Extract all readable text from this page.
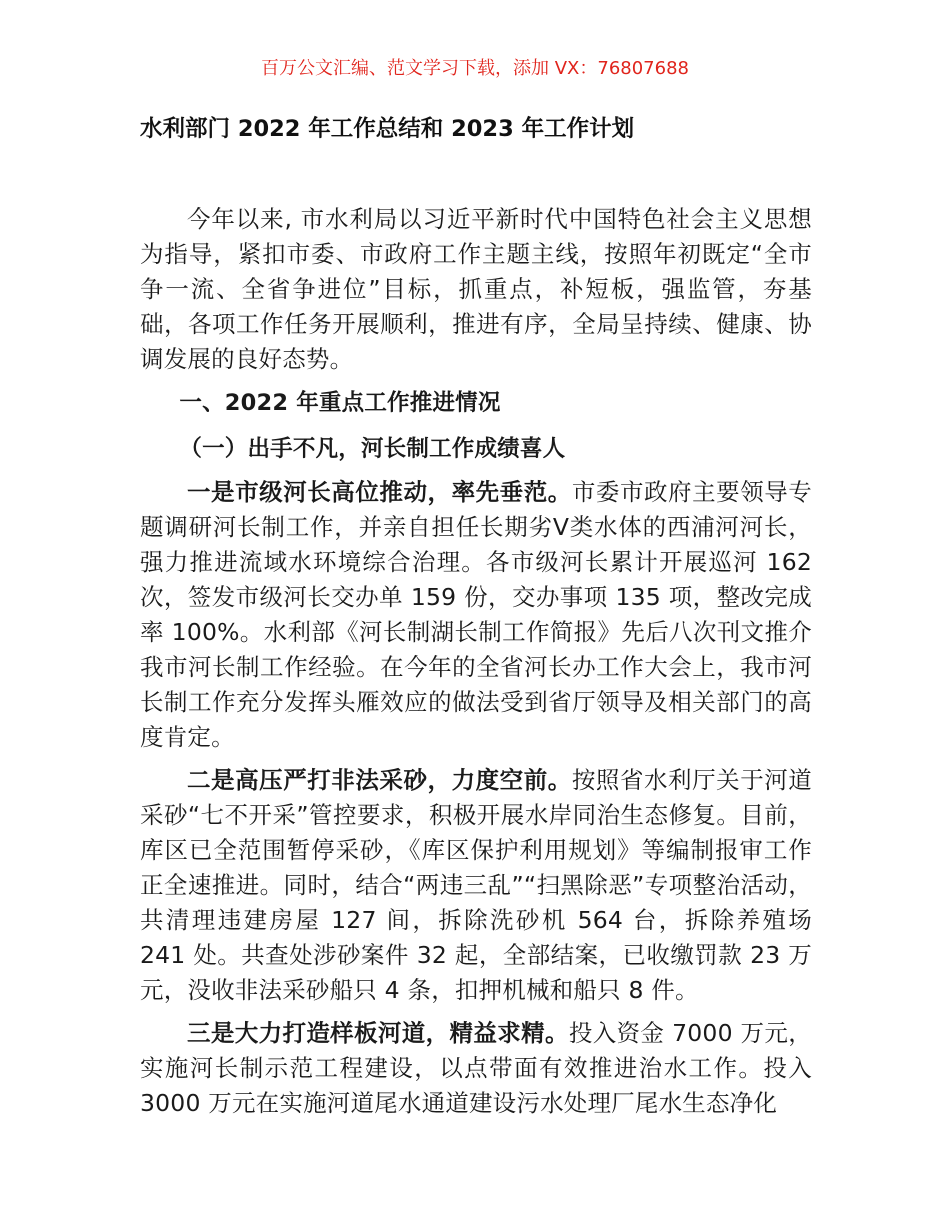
百万公文汇编、范文学习下载，添加 VX：76807688
水利部门 2022 年工作总结和 2023 年工作计划

今年以来, 市水利局以习近平新时代中国特色社会主义思想为指导，紧扣市委、市政府工作主题主线，按照年初既定“全市争一流、全省争进位”目标，抓重点，补短板，强监管，夯基础，各项工作任务开展顺利，推进有序，全局呈持续、健康、协调发展的良好态势。

一、2022 年重点工作推进情况
（一）出手不凡，河长制工作成绩喜人

一是市级河长高位推动，率先垂范。市委市政府主要领导专题调研河长制工作，并亲自担任长期劣V类水体的西浦河河长，强力推进流域水环境综合治理。各市级河长累计开展巡河 162 次，签发市级河长交办单 159 份，交办事项 135 项，整改完成率 100%。水利部《河长制湖长制工作简报》先后八次刊文推介我市河长制工作经验。在今年的全省河长办工作大会上，我市河长制工作充分发挥头雁效应的做法受到省厅领导及相关部门的高度肯定。

二是高压严打非法采砂，力度空前。按照省水利厅关于河道采砂“七不开采”管控要求，积极开展水岸同治生态修复。目前，库区已全范围暂停采砂，《库区保护利用规划》等编制报审工作正全速推进。同时，结合“两违三乱”“扫黑除恶”专项整治活动，共清理违建房屋 127 间，拆除洗砂机 564 台，拆除养殖场 241 处。共查处涉砂案件 32 起，全部结案，已收缴罚款 23 万元，没收非法采砂船只 4 条，扣押机械和船只 8 件。

三是大力打造样板河道，精益求精。投入资金 7000 万元，实施河长制示范工程建设，以点带面有效推进治水工作。投入 3000 万元在实施河道尾水通道建设污水处理厂尾水生态净化
